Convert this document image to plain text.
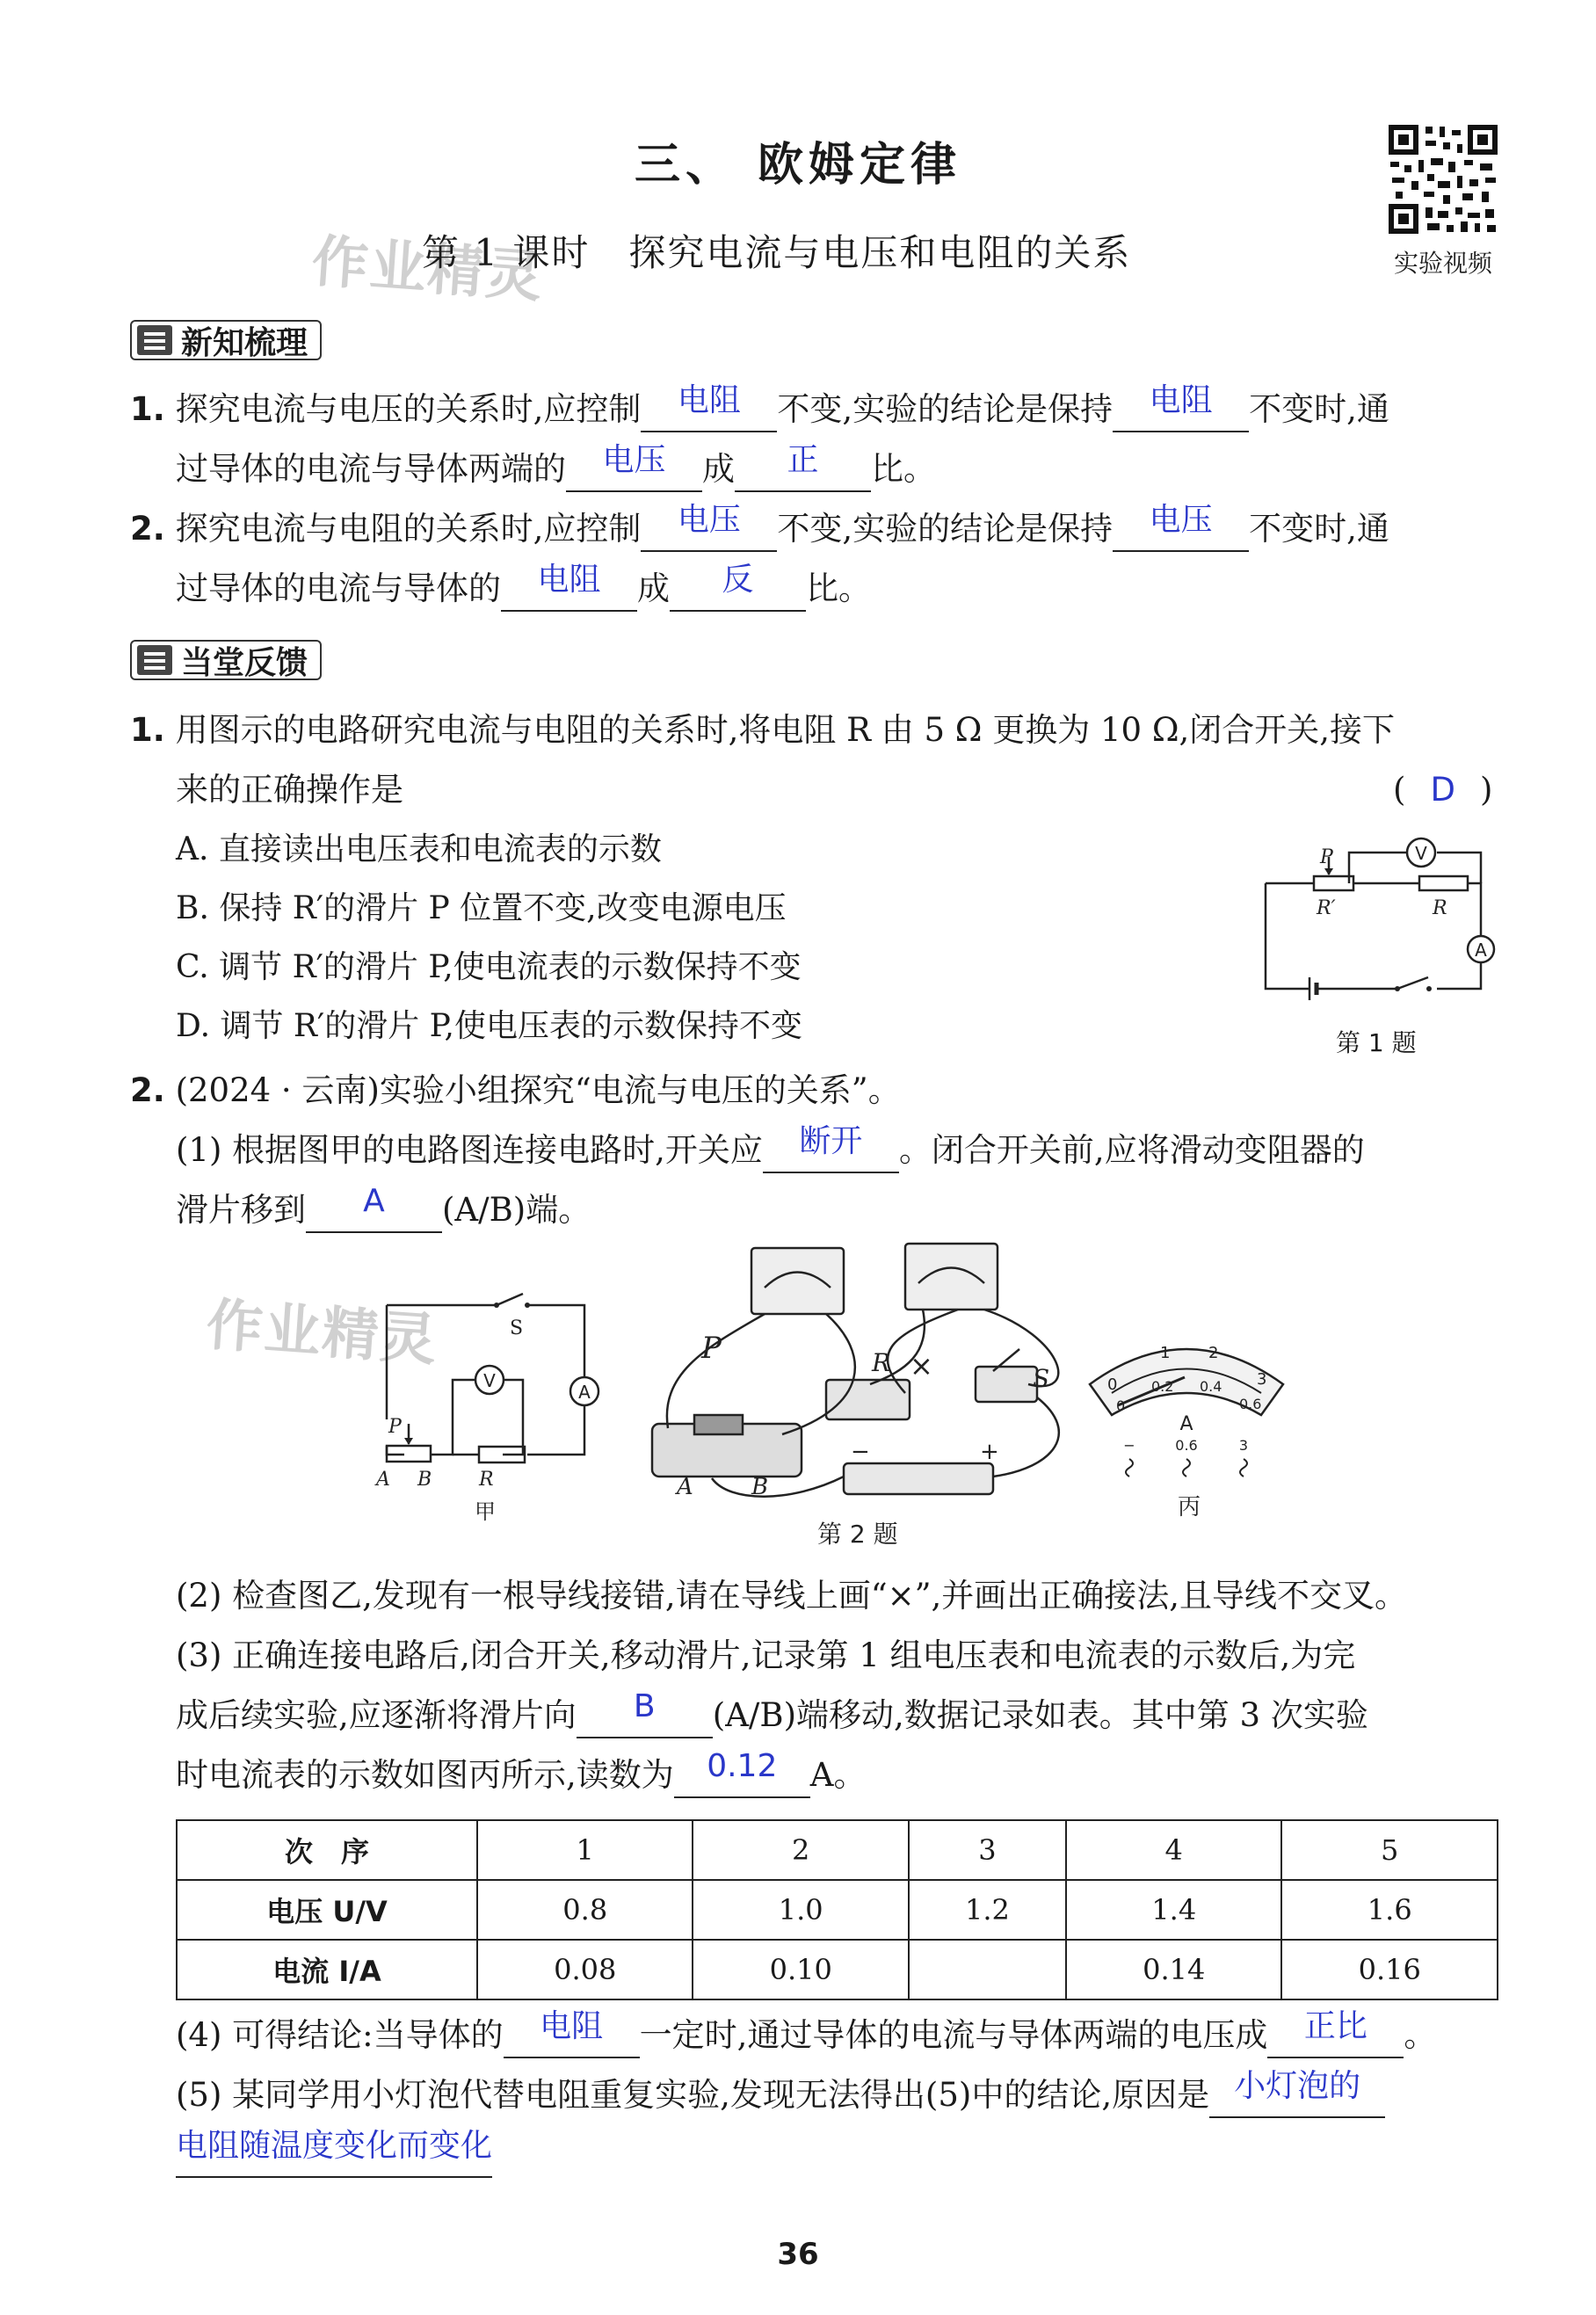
三、 欧姆定律
作业精灵
第 1 课时　探究电流与电压和电阻的关系	实验视频
新知梳理
1. 探究电流与电压的关系时,应控制	电阻	不变,实验的结论是保持	电阻	不变时,通
过导体的电流与导体两端的	电压	成	正	比。
2. 探究电流与电阻的关系时,应控制	电压	不变,实验的结论是保持	电压	不变时,通
过导体的电流与导体的	电阻	成	反	比。
当堂反馈
1. 用图示的电路研究电流与电阻的关系时,将电阻 R 由 5 Ω 更换为 10 Ω,闭合开关,接下
来的正确操作是	( D )
A. 直接读出电压表和电流表的示数
B. 保持 R′的滑片 P 位置不变,改变电源电压
C. 调节 R′的滑片 P,使电流表的示数保持不变
D. 调节 R′的滑片 P,使电压表的示数保持不变
P
R′	R
V
A
第 1 题
2. (2024 · 云南)实验小组探究“电流与电压的关系”。
(1) 根据图甲的电路图连接电路时,开关应	断开	。闭合开关前,应将滑动变阻器的
滑片移到	A	(A/B)端。
作业精灵	S
V
A
P
A B R
甲
P	R
S
A	B
−	+
×
第 2 题
0
1 2
3
0
0.2 0.4
0.6
A
−	0.6	3
丙
(2) 检查图乙,发现有一根导线接错,请在导线上画“×”,并画出正确接法,且导线不交叉。
(3) 正确连接电路后,闭合开关,移动滑片,记录第 1 组电压表和电流表的示数后,为完
成后续实验,应逐渐将滑片向	B	(A/B)端移动,数据记录如表。其中第 3 次实验
时电流表的示数如图丙所示,读数为	0.12	A。
次　序	1	2	3	4	5
电压 U/V	0.8	1.0	1.2	1.4	1.6
电流 I/A	0.08	0.10		0.14	0.16
(4) 可得结论:当导体的	电阻	一定时,通过导体的电流与导体两端的电压成	正比	。
(5) 某同学用小灯泡代替电阻重复实验,发现无法得出(5)中的结论,原因是 小灯泡的
电阻随温度变化而变化
36
